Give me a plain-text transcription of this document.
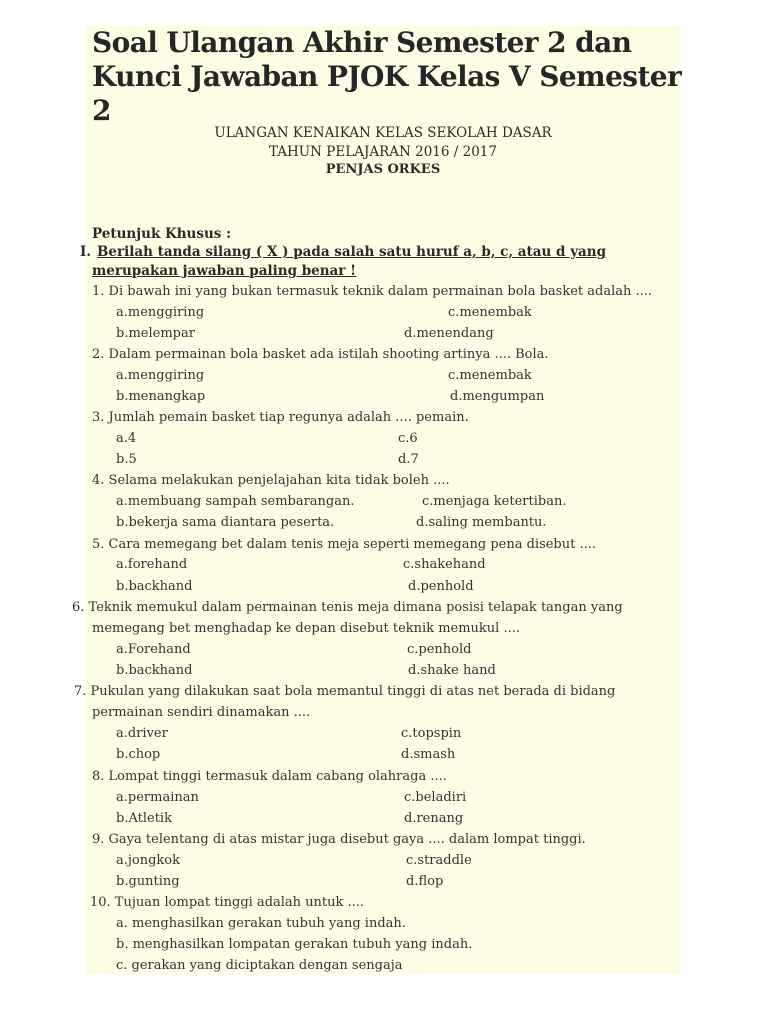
Soal Ulangan Akhir Semester 2 dan Kunci Jawaban PJOK Kelas V Semester 2
ULANGAN KENAIKAN KELAS SEKOLAH DASAR
TAHUN PELAJARAN 2016 / 2017
PENJAS ORKES
Petunjuk Khusus :
I. Berilah tanda silang ( X ) pada salah satu huruf a, b, c, atau d yang
merupakan jawaban paling benar !
1. Di bawah ini yang bukan termasuk teknik dalam permainan bola basket adalah ....
a.menggiring	c.menembak
b.melempar	d.menendang
2. Dalam permainan bola basket ada istilah shooting artinya .... Bola.
a.menggiring	c.menembak
b.menangkap	d.mengumpan
3. Jumlah pemain basket tiap regunya adalah .... pemain.
a.4	c.6
b.5	d.7
4. Selama melakukan penjelajahan kita tidak boleh ....
a.membuang sampah sembarangan.	c.menjaga ketertiban.
b.bekerja sama diantara peserta.	d.saling membantu.
5. Cara memegang bet dalam tenis meja seperti memegang pena disebut ....
a.forehand	c.shakehand
b.backhand	d.penhold
6. Teknik memukul dalam permainan tenis meja dimana posisi telapak tangan yang
memegang bet menghadap ke depan disebut teknik memukul ....
a.Forehand	c.penhold
b.backhand	d.shake hand
7. Pukulan yang dilakukan saat bola memantul tinggi di atas net berada di bidang
permainan sendiri dinamakan ....
a.driver	c.topspin
b.chop	d.smash
8. Lompat tinggi termasuk dalam cabang olahraga ....
a.permainan	c.beladiri
b.Atletik	d.renang
9. Gaya telentang di atas mistar juga disebut gaya .... dalam lompat tinggi.
a.jongkok	c.straddle
b.gunting	d.flop
10. Tujuan lompat tinggi adalah untuk ....
a. menghasilkan gerakan tubuh yang indah.
b. menghasilkan lompatan gerakan tubuh yang indah.
c. gerakan yang diciptakan dengan sengaja
